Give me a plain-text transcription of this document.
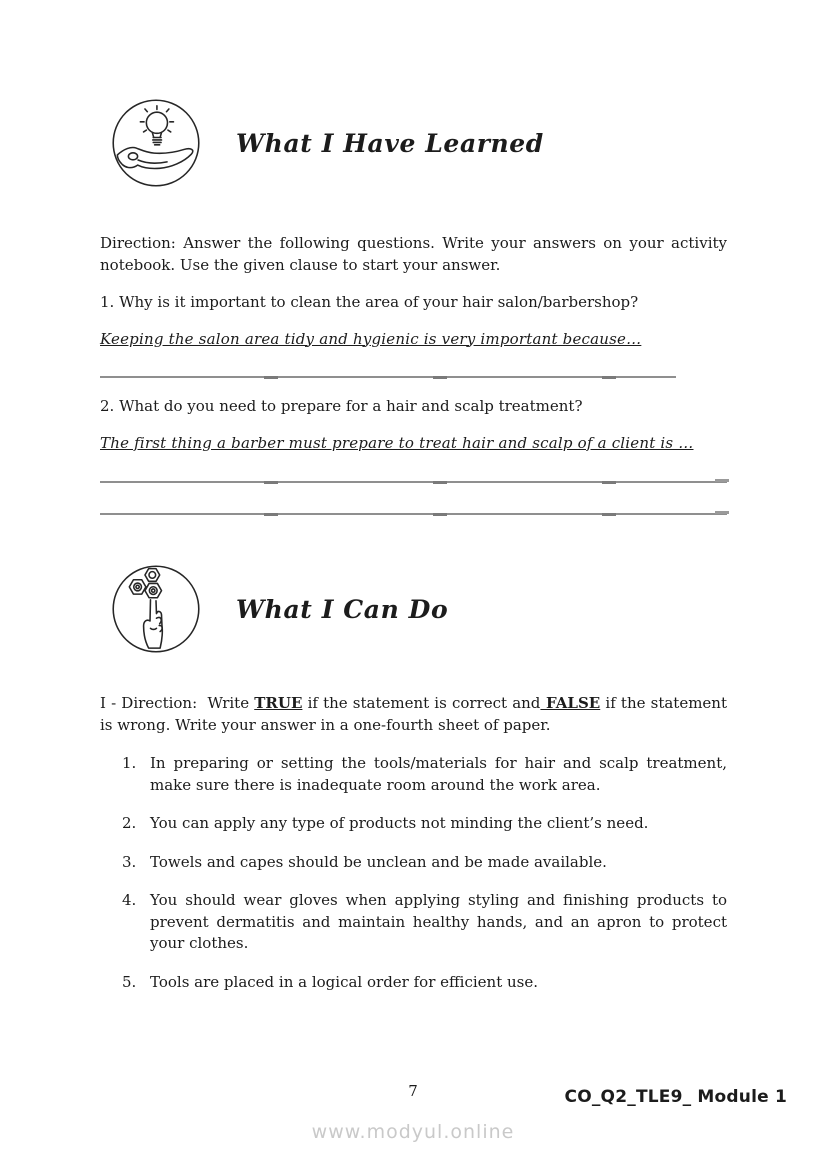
What I Have Learned

Direction: Answer the following questions. Write your answers on your activity notebook. Use the given clause to start your answer.

1. Why is it important to clean the area of your hair salon/barbershop?

Keeping the salon area tidy and hygienic is very important because…

2. What do you need to prepare for a hair and scalp treatment?

The first thing a barber must prepare to treat hair and scalp of a client is …

What I Can Do

I - Direction:  Write TRUE if the statement is correct and FALSE if the statement is wrong. Write your answer in a one-fourth sheet of paper.

1. In preparing or setting the tools/materials for hair and scalp treatment, make sure there is inadequate room around the work area.
2. You can apply any type of products not minding the client’s need.
3. Towels and capes should be unclean and be made available.
4. You should wear gloves when applying styling and finishing products to prevent dermatitis and maintain healthy hands, and an apron to protect your clothes.
5. Tools are placed in a logical order for efficient use.
7	CO_Q2_TLE9_ Module 1
www.modyul.online
